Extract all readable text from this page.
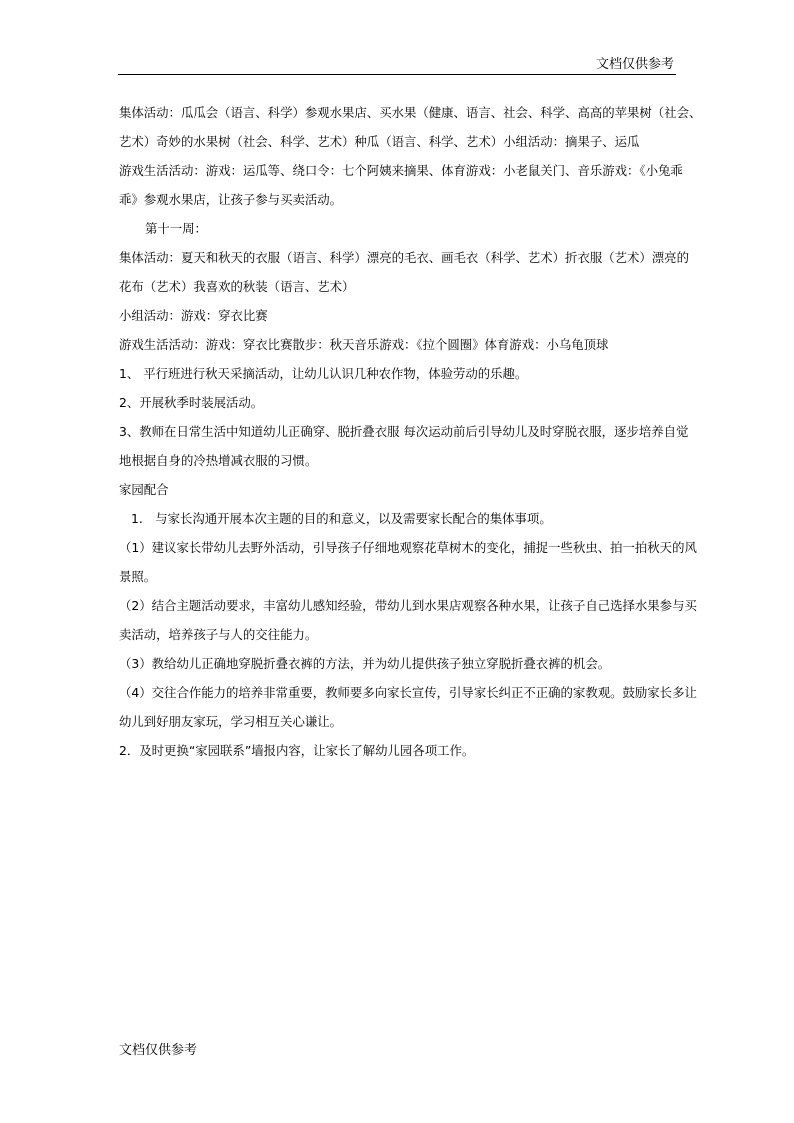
文档仅供参考

集体活动：瓜瓜会（语言、科学）参观水果店、买水果（健康、语言、社会、科学、高高的苹果树（社会、

艺术）奇妙的水果树（社会、科学、艺术）种瓜（语言、科学、艺术）小组活动：摘果子、运瓜

游戏生活活动：游戏：运瓜等、绕口令：七个阿姨来摘果、体育游戏：小老鼠关门、音乐游戏：《小兔乖

乖》参观水果店，让孩子参与买卖活动。

第十一周：

集体活动：夏天和秋天的衣服（语言、科学）漂亮的毛衣、画毛衣（科学、艺术）折衣服（艺术）漂亮的

花布（艺术）我喜欢的秋装（语言、艺术）

小组活动：游戏：穿衣比赛

游戏生活活动：游戏：穿衣比赛散步：秋天音乐游戏：《拉个圆圈》体育游戏：小乌龟顶球

1、 平行班进行秋天采摘活动，让幼儿认识几种农作物，体验劳动的乐趣。

2、开展秋季时装展活动。

3、教师在日常生活中知道幼儿正确穿、脱折叠衣服 每次运动前后引导幼儿及时穿脱衣服，逐步培养自觉

地根据自身的冷热增减衣服的习惯。

家园配合

1.　与家长沟通开展本次主题的目的和意义，以及需要家长配合的集体事项。

（1）建议家长带幼儿去野外活动，引导孩子仔细地观察花草树木的变化，捕捉一些秋虫、拍一拍秋天的风

景照。

（2）结合主题活动要求，丰富幼儿感知经验，带幼儿到水果店观察各种水果，让孩子自己选择水果参与买

卖活动，培养孩子与人的交往能力。

（3）教给幼儿正确地穿脱折叠衣裤的方法，并为幼儿提供孩子独立穿脱折叠衣裤的机会。

（4）交往合作能力的培养非常重要，教师要多向家长宣传，引导家长纠正不正确的家教观。鼓励家长多让

幼儿到好朋友家玩，学习相互关心谦让。

2．及时更换“家园联系”墙报内容，让家长了解幼儿园各项工作。

文档仅供参考
